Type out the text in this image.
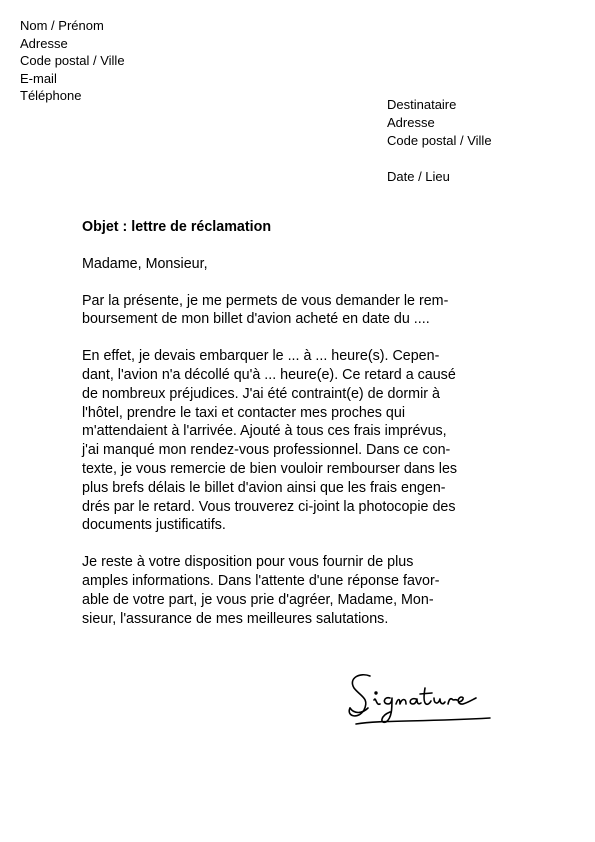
Nom / Prénom
Adresse
Code postal / Ville
E-mail
Téléphone
Destinataire
Adresse
Code postal / Ville
Date / Lieu
Objet : lettre de réclamation
Madame, Monsieur,
Par la présente, je me permets de vous demander le rem-
boursement de mon billet d'avion acheté en date du ....
En effet, je devais embarquer le ... à ... heure(s). Cepen-
dant, l'avion n'a décollé qu'à ... heure(e). Ce retard a causé
de nombreux préjudices. J'ai été contraint(e) de dormir à
l'hôtel, prendre le taxi et contacter mes proches qui
m'attendaient à l'arrivée. Ajouté à tous ces frais imprévus,
j'ai manqué mon rendez-vous professionnel. Dans ce con-
texte, je vous remercie de bien vouloir rembourser dans les
plus brefs délais le billet d'avion ainsi que les frais engen-
drés par le retard. Vous trouverez ci-joint la photocopie des
documents justificatifs.
Je reste à votre disposition pour vous fournir de plus
amples informations. Dans l'attente d'une réponse favor-
able de votre part, je vous prie d'agréer, Madame, Mon-
sieur, l'assurance de mes meilleures salutations.
